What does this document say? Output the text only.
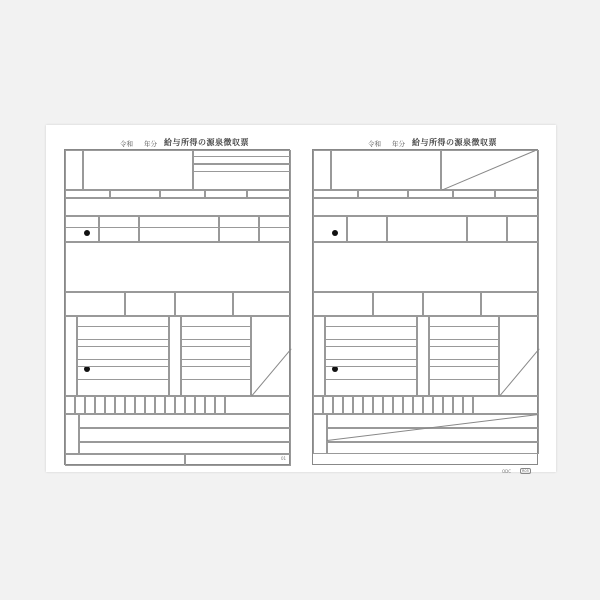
令和 年分 給与所得の源泉徴収票
01
令和 年分 給与所得の源泉徴収票
ODC	R05
